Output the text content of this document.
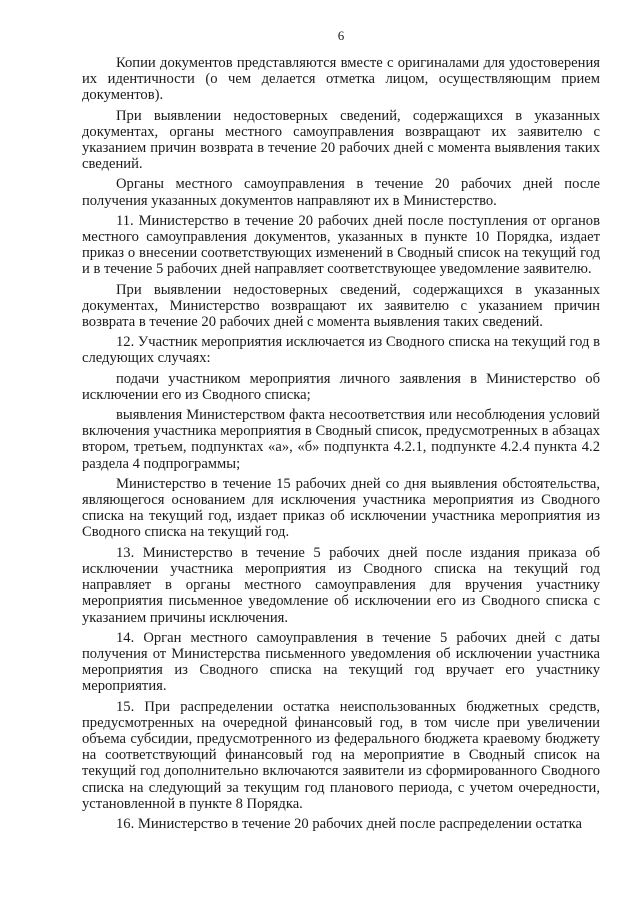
6

Копии документов представляются вместе с оригиналами для удостоверения их идентичности (о чем делается отметка лицом, осуществляющим прием документов).

При выявлении недостоверных сведений, содержащихся в указанных документах, органы местного самоуправления возвращают их заявителю с указанием причин возврата в течение 20 рабочих дней с момента выявления таких сведений.

Органы местного самоуправления в течение 20 рабочих дней после получения указанных документов направляют их в Министерство.

11. Министерство в течение 20 рабочих дней после поступления от органов местного самоуправления документов, указанных в пункте 10 Порядка, издает приказ о внесении соответствующих изменений в Сводный список на текущий год и в течение 5 рабочих дней направляет соответствующее уведомление заявителю.

При выявлении недостоверных сведений, содержащихся в указанных документах, Министерство возвращают их заявителю с указанием причин возврата в течение 20 рабочих дней с момента выявления таких сведений.

12. Участник мероприятия исключается из Сводного списка на текущий год в следующих случаях:

подачи участником мероприятия личного заявления в Министерство об исключении его из Сводного списка;

выявления Министерством факта несоответствия или несоблюдения условий включения участника мероприятия в Сводный список, предусмотренных в абзацах втором, третьем, подпунктах «а», «б» подпункта 4.2.1, подпункте 4.2.4 пункта 4.2 раздела 4 подпрограммы;

Министерство в течение 15 рабочих дней со дня выявления обстоятельства, являющегося основанием для исключения участника мероприятия из Сводного списка на текущий год, издает приказ об исключении участника мероприятия из Сводного списка на текущий год.

13. Министерство в течение 5 рабочих дней после издания приказа об исключении участника мероприятия из Сводного списка на текущий год направляет в органы местного самоуправления для вручения участнику мероприятия письменное уведомление об исключении его из Сводного списка с указанием причины исключения.

14. Орган местного самоуправления в течение 5 рабочих дней с даты получения от Министерства письменного уведомления об исключении участника мероприятия из Сводного списка на текущий год вручает его участнику мероприятия.

15. При распределении остатка неиспользованных бюджетных средств, предусмотренных на очередной финансовый год, в том числе при увеличении объема субсидии, предусмотренного из федерального бюджета краевому бюджету на соответствующий финансовый год на мероприятие в Сводный список на текущий год дополнительно включаются заявители из сформированного Сводного списка на следующий за текущим год планового периода, с учетом очередности, установленной в пункте 8 Порядка.

16. Министерство в течение 20 рабочих дней после распределении остатка
